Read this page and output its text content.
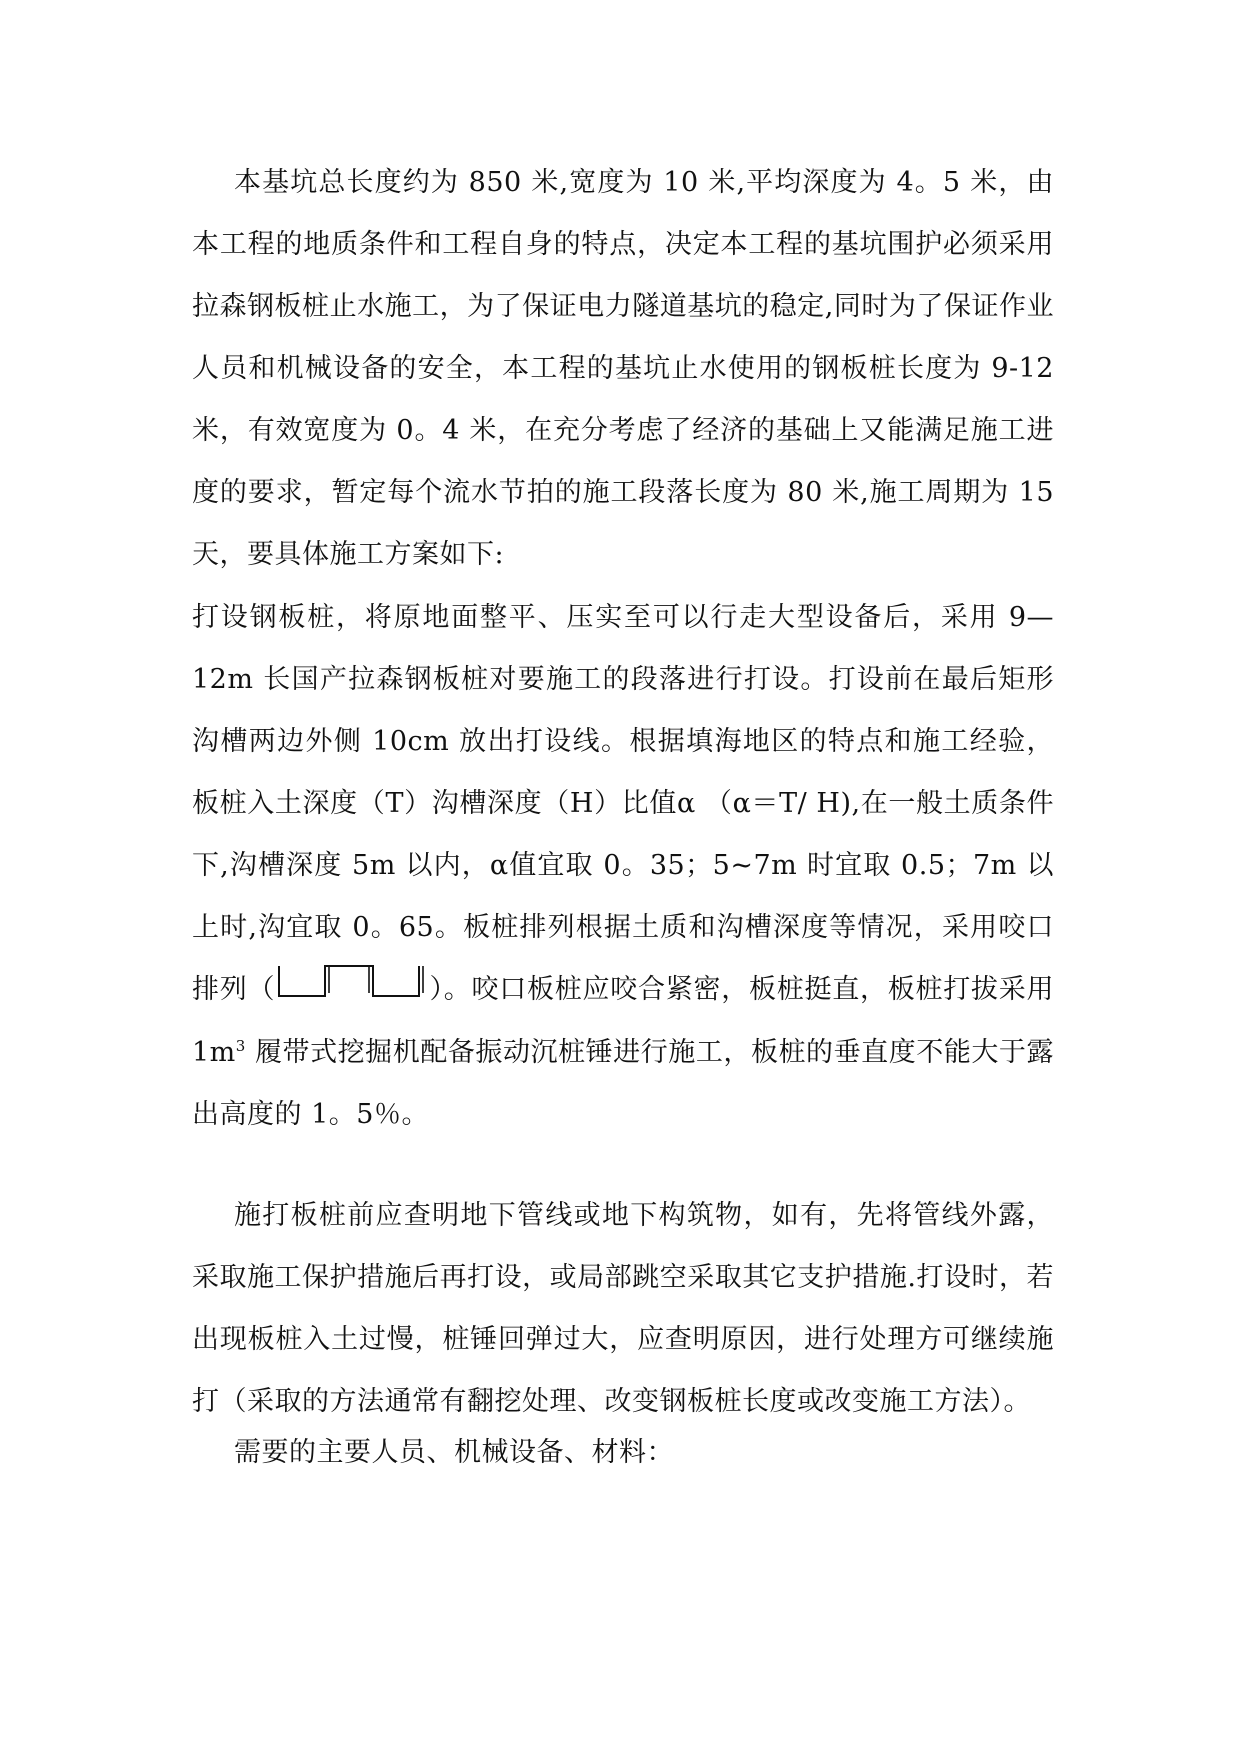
本基坑总长度约为 850 米,宽度为 10 米,平均深度为 4。5 米，由本工程的地质条件和工程自身的特点，决定本工程的基坑围护必须采用拉森钢板桩止水施工，为了保证电力隧道基坑的稳定,同时为了保证作业人员和机械设备的安全，本工程的基坑止水使用的钢板桩长度为 9-12 米，有效宽度为 0。4 米，在充分考虑了经济的基础上又能满足施工进度的要求，暂定每个流水节拍的施工段落长度为 80 米,施工周期为 15 天，要具体施工方案如下:
打设钢板桩，将原地面整平、压实至可以行走大型设备后，采用 9—12m 长国产拉森钢板桩对要施工的段落进行打设。打设前在最后矩形沟槽两边外侧 10cm 放出打设线。根据填海地区的特点和施工经验，板桩入土深度（T）沟槽深度（H）比值α （α＝T/ H),在一般土质条件下,沟槽深度 5m 以内，α值宜取 0。35；5~7m 时宜取 0.5；7m 以上时,沟宜取 0。65。板桩排列根据土质和沟槽深度等情况，采用咬口排列（	）。咬口板桩应咬合紧密，板桩挺直，板桩打拔采用 $1m^3$ 履带式挖掘机配备振动沉桩锤进行施工，板桩的垂直度不能大于露出高度的 1。5％。
施打板桩前应查明地下管线或地下构筑物，如有，先将管线外露，采取施工保护措施后再打设，或局部跳空采取其它支护措施.打设时，若出现板桩入土过慢，桩锤回弹过大，应查明原因，进行处理方可继续施打（采取的方法通常有翻挖处理、改变钢板桩长度或改变施工方法）。
需要的主要人员、机械设备、材料：
